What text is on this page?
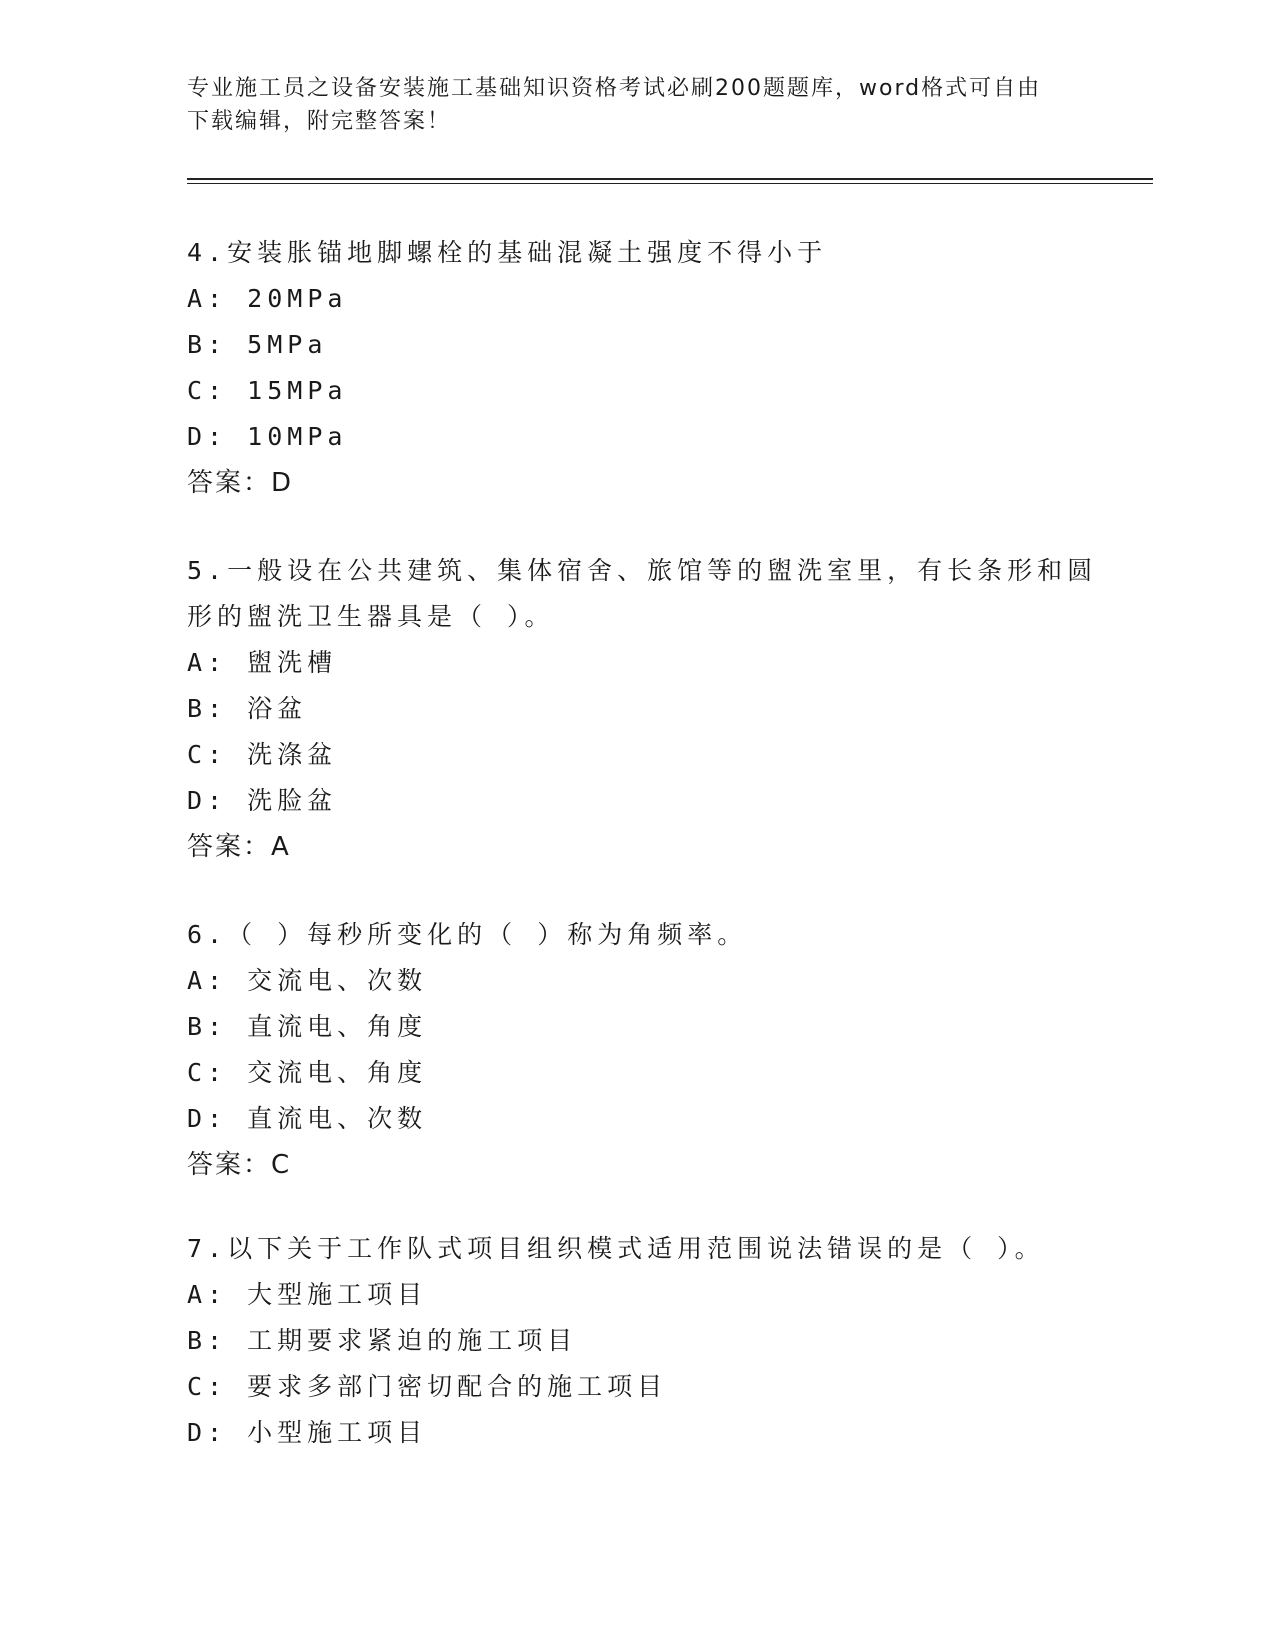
专业施工员之设备安装施工基础知识资格考试必刷200题题库，word格式可自由
下载编辑，附完整答案！
4.安装胀锚地脚螺栓的基础混凝土强度不得小于
A: 20MPa
B: 5MPa
C: 15MPa
D: 10MPa
答案：D
5.一般设在公共建筑、集体宿舍、旅馆等的盥洗室里，有长条形和圆
形的盥洗卫生器具是（ ）。
A: 盥洗槽
B: 浴盆
C: 洗涤盆
D: 洗脸盆
答案：A
6.（ ）每秒所变化的（ ）称为角频率。
A: 交流电、次数
B: 直流电、角度
C: 交流电、角度
D: 直流电、次数
答案：C
7.以下关于工作队式项目组织模式适用范围说法错误的是（ ）。
A: 大型施工项目
B: 工期要求紧迫的施工项目
C: 要求多部门密切配合的施工项目
D: 小型施工项目
